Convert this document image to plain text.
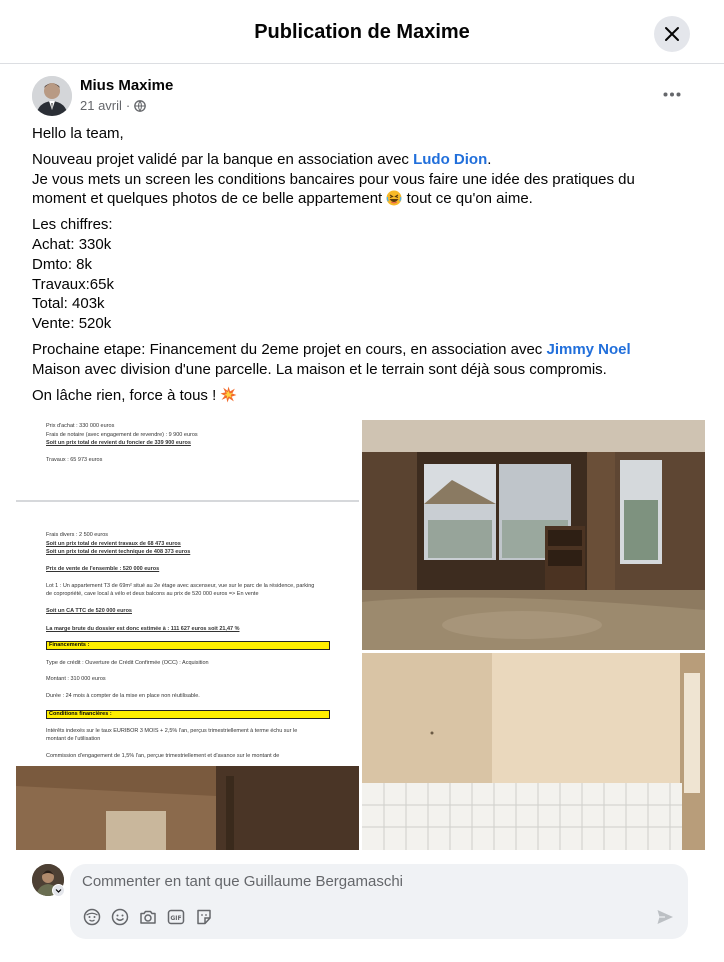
Publication de Maxime
Mius Maxime
21 avril ·

Hello la team,

Nouveau projet validé par la banque en association avec Ludo Dion.
Je vous mets un screen les conditions bancaires pour vous faire une idée des pratiques du moment et quelques photos de ce belle appartement  tout ce qu'on aime.

Les chiffres:
Achat: 330k
Dmto: 8k
Travaux:65k
Total: 403k
Vente: 520k

Prochaine etape: Financement du 2eme projet en cours, en association avec Jimmy Noel
Maison avec division d'une parcelle. La maison et le terrain sont déjà sous compromis.

On lâche rien, force à tous !

Prix d'achat : 330 000 euros
Frais de notaire (avec engagement de revendre) : 9 900 euros
Soit un prix total de revient du foncier de 339 900 euros
Travaux : 65 973 euros
Frais divers : 2 500 euros
Soit un prix total de revient travaux de 68 473 euros
Soit un prix total de revient technique de 408 373 euros
Prix de vente de l'ensemble : 520 000 euros
Lot 1 : Un appartement T3 de 69m² situé au 2e étage avec ascenseur, vue sur le parc de la résidence, parking
de copropriété, cave local à vélo et deux balcons au prix de 520 000 euros => En vente
Soit un CA TTC de 520 000 euros
La marge brute du dossier est donc estimée à : 111 627 euros soit 21,47 %
Financements :
Type de crédit : Ouverture de Crédit Confirmée (OCC) : Acquisition
Montant : 310 000 euros
Durée : 24 mois à compter de la mise en place non réutilisable.
Conditions financières :
Intérêts indexés sur le taux EURIBOR 3 MOIS + 2,5% l'an, perçus trimestriellement à terme échu sur le
montant de l'utilisation
Commission d'engagement de 1,5% l'an, perçue trimestriellement et d'avance sur le montant de
Commenter en tant que Guillaume Bergamaschi
GIF
